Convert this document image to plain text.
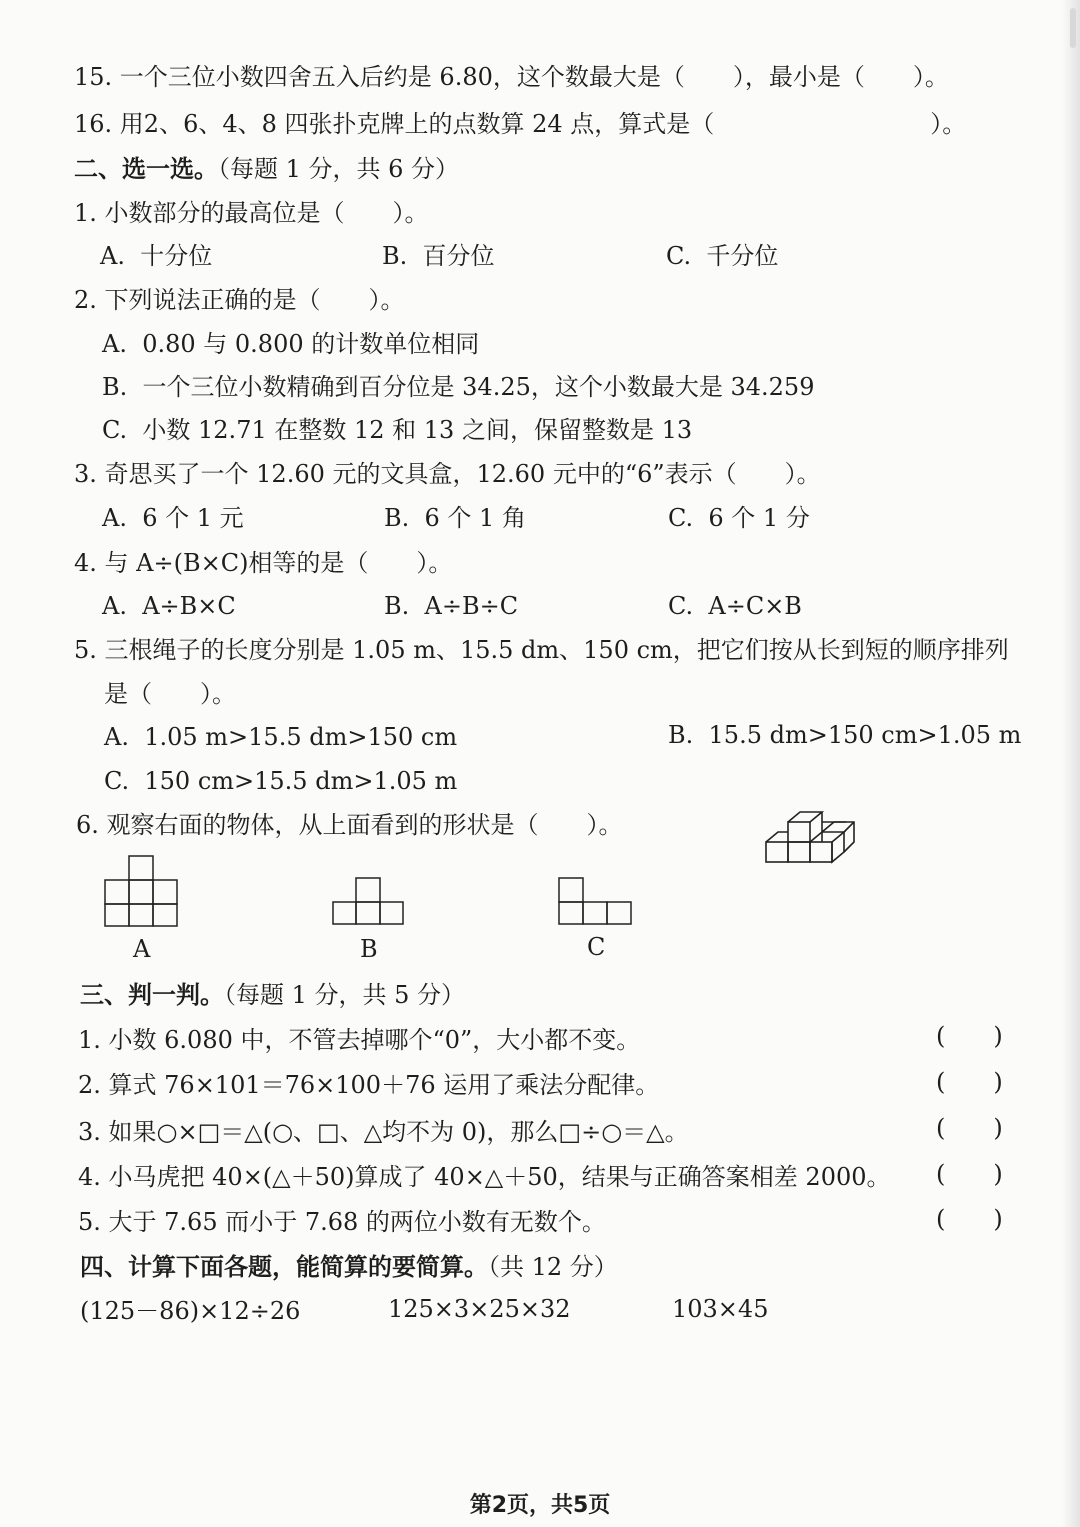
15. 一个三位小数四舍五入后约是 6.80，这个数最大是（　　），最小是（　　）。
16. 用2、6、4、8 四张扑克牌上的点数算 24 点，算式是（　　　　　　　　　）。
二、选一选。（每题 1 分，共 6 分）
1. 小数部分的最高位是（　　）。
A.  十分位	B.  百分位	C.  千分位
2. 下列说法正确的是（　　）。
A.  0.80 与 0.800 的计数单位相同
B.  一个三位小数精确到百分位是 34.25，这个小数最大是 34.259
C.  小数 12.71 在整数 12 和 13 之间，保留整数是 13
3. 奇思买了一个 12.60 元的文具盒，12.60 元中的“6”表示（　　）。
A.  6 个 1 元	B.  6 个 1 角	C.  6 个 1 分
4. 与 A÷(B×C)相等的是（　　）。
A.  A÷B×C	B.  A÷B÷C	C.  A÷C×B
5. 三根绳子的长度分别是 1.05 m、15.5 dm、150 cm，把它们按从长到短的顺序排列
是（　　）。
A.  1.05 m>15.5 dm>150 cm	B.  15.5 dm>150 cm>1.05 m
C.  150 cm>15.5 dm>1.05 m
6. 观察右面的物体，从上面看到的形状是（　　）。
A	B	C
三、判一判。（每题 1 分，共 5 分）
1. 小数 6.080 中，不管去掉哪个“0”，大小都不变。	(　　)
2. 算式 76×101＝76×100＋76 运用了乘法分配律。	(　　)
3. 如果○×□＝△(○、□、△均不为 0)，那么□÷○＝△。	(　　)
4. 小马虎把 40×(△＋50)算成了 40×△＋50，结果与正确答案相差 2000。 (　　)
5. 大于 7.65 而小于 7.68 的两位小数有无数个。	(　　)
四、计算下面各题，能简算的要简算。（共 12 分）
(125－86)×12÷26	125×3×25×32	103×45
第2页，共5页
